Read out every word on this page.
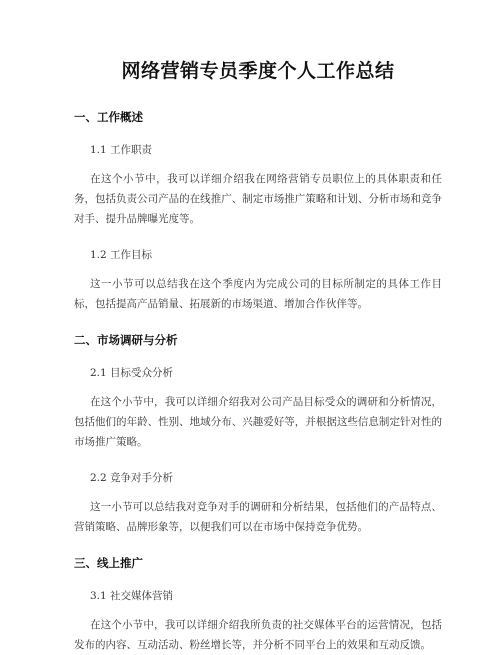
网络营销专员季度个人工作总结
一、工作概述
1.1 工作职责

在这个小节中，我可以详细介绍我在网络营销专员职位上的具体职责和任务，包括负责公司产品的在线推广、制定市场推广策略和计划、分析市场和竞争对手、提升品牌曝光度等。

1.2 工作目标

这一小节可以总结我在这个季度内为完成公司的目标所制定的具体工作目标，包括提高产品销量、拓展新的市场渠道、增加合作伙伴等。

二、市场调研与分析
2.1 目标受众分析

在这个小节中，我可以详细介绍我对公司产品目标受众的调研和分析情况，包括他们的年龄、性别、地域分布、兴趣爱好等，并根据这些信息制定针对性的市场推广策略。

2.2 竞争对手分析

这一小节可以总结我对竞争对手的调研和分析结果，包括他们的产品特点、营销策略、品牌形象等，以便我们可以在市场中保持竞争优势。

三、线上推广
3.1 社交媒体营销

在这个小节中，我可以详细介绍我所负责的社交媒体平台的运营情况，包括发布的内容、互动活动、粉丝增长等，并分析不同平台上的效果和互动反馈。
